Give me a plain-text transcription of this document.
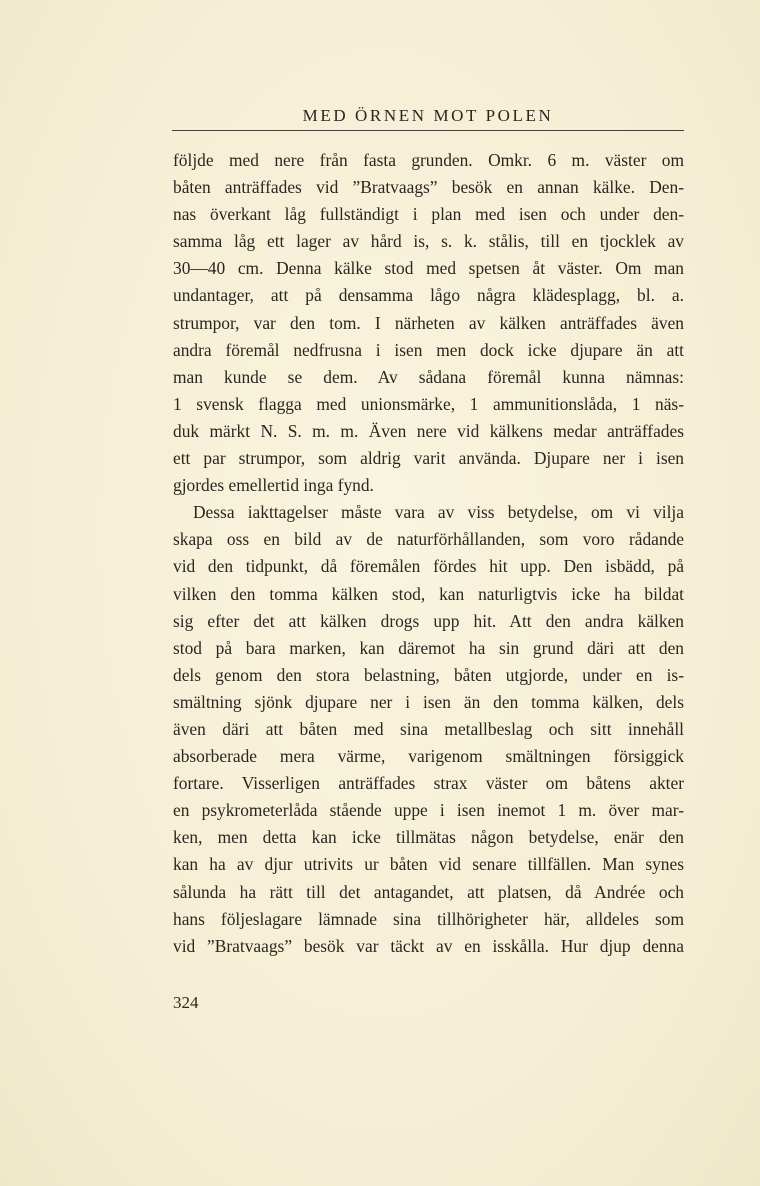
MED ÖRNEN MOT POLEN
följde med nere från fasta grunden. Omkr. 6 m. väster om
båten anträffades vid ”Bratvaags” besök en annan kälke. Den-
nas överkant låg fullständigt i plan med isen och under den-
samma låg ett lager av hård is, s. k. stålis, till en tjocklek av
30—40 cm. Denna kälke stod med spetsen åt väster. Om man
undantager, att på densamma lågo några klädesplagg, bl. a.
strumpor, var den tom. I närheten av kälken anträffades även
andra föremål nedfrusna i isen men dock icke djupare än att
man kunde se dem. Av sådana föremål kunna nämnas:
1 svensk flagga med unionsmärke, 1 ammunitionslåda, 1 näs-
duk märkt N. S. m. m. Även nere vid kälkens medar anträffades
ett par strumpor, som aldrig varit använda. Djupare ner i isen
gjordes emellertid inga fynd.
Dessa iakttagelser måste vara av viss betydelse, om vi vilja
skapa oss en bild av de naturförhållanden, som voro rådande
vid den tidpunkt, då föremålen fördes hit upp. Den isbädd, på
vilken den tomma kälken stod, kan naturligtvis icke ha bildat
sig efter det att kälken drogs upp hit. Att den andra kälken
stod på bara marken, kan däremot ha sin grund däri att den
dels genom den stora belastning, båten utgjorde, under en is-
smältning sjönk djupare ner i isen än den tomma kälken, dels
även däri att båten med sina metallbeslag och sitt innehåll
absorberade mera värme, varigenom smältningen försiggick
fortare. Visserligen anträffades strax väster om båtens akter
en psykrometerlåda stående uppe i isen inemot 1 m. över mar-
ken, men detta kan icke tillmätas någon betydelse, enär den
kan ha av djur utrivits ur båten vid senare tillfällen. Man synes
sålunda ha rätt till det antagandet, att platsen, då Andrée och
hans följeslagare lämnade sina tillhörigheter här, alldeles som
vid ”Bratvaags” besök var täckt av en isskålla. Hur djup denna
324
